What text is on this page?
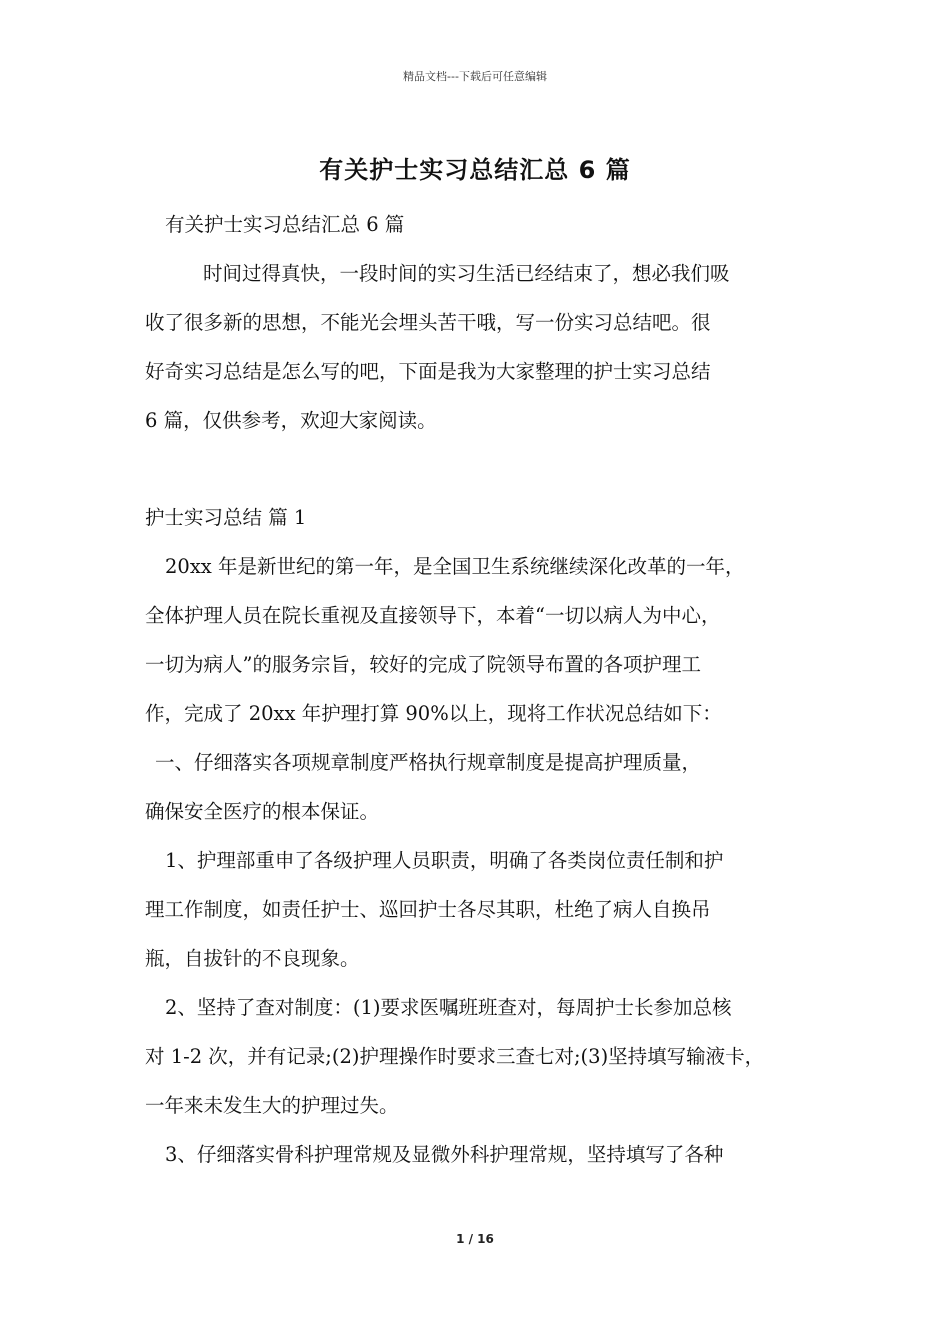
精品文档---下载后可任意编辑
有关护士实习总结汇总 6 篇

有关护士实习总结汇总 6 篇

时间过得真快，一段时间的实习生活已经结束了，想必我们吸

收了很多新的思想，不能光会埋头苦干哦，写一份实习总结吧。很

好奇实习总结是怎么写的吧，下面是我为大家整理的护士实习总结

6 篇，仅供参考，欢迎大家阅读。

护士实习总结 篇 1

20xx 年是新世纪的第一年，是全国卫生系统继续深化改革的一年，

全体护理人员在院长重视及直接领导下，本着“一切以病人为中心，

一切为病人”的服务宗旨，较好的完成了院领导布置的各项护理工

作，完成了 20xx 年护理打算 90%以上，现将工作状况总结如下：

一、仔细落实各项规章制度严格执行规章制度是提高护理质量，

确保安全医疗的根本保证。

1、护理部重申了各级护理人员职责，明确了各类岗位责任制和护

理工作制度，如责任护士、巡回护士各尽其职，杜绝了病人自换吊

瓶，自拔针的不良现象。

2、坚持了查对制度：(1)要求医嘱班班查对，每周护士长参加总核

对 1-2 次，并有记录;(2)护理操作时要求三查七对;(3)坚持填写输液卡，

一年来未发生大的护理过失。

3、仔细落实骨科护理常规及显微外科护理常规，坚持填写了各种

1 / 16
